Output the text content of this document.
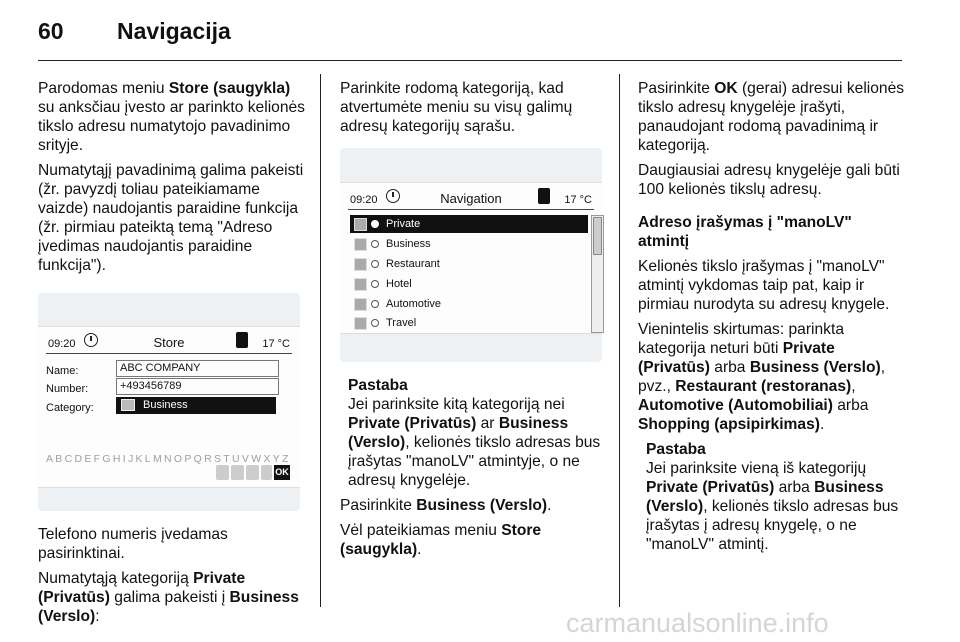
60 Navigacija

Parodomas meniu Store (saugykla) su anksčiau įvesto ar parinkto kelionės tikslo adresu numatytojo pavadinimo srityje.

Numatytąjį pavadinimą galima pakeisti (žr. pavyzdį toliau pateikiamame vaizde) naudojantis paraidine funkcija (žr. pirmiau pateiktą temą "Adreso įvedimas naudojantis paraidine funkcija").

09:20	Store	17 °C
Name:	ABC COMPANY
Number:	+493456789
Category:	Business
ABCDEFGHIJKLMNOPQRSTUVWXYZ
OK

Telefono numeris įvedamas pasirinktinai.

Numatytąją kategoriją Private (Privatūs) galima pakeisti į Business (Verslo):

Parinkite rodomą kategoriją, kad atvertumėte meniu su visų galimų adresų kategorijų sąrašu.

09:20	Navigation	17 °C
Private
Business
Restaurant
Hotel
Automotive
Travel
Pastaba
Jei parinksite kitą kategoriją nei Private (Privatūs) ar Business (Verslo), kelionės tikslo adresas bus įrašytas "manoLV" atmintyje, o ne adresų knygelėje.

Pasirinkite Business (Verslo).

Vėl pateikiamas meniu Store (saugykla).

Pasirinkite OK (gerai) adresui kelionės tikslo adresų knygelėje įrašyti, panaudojant rodomą pavadinimą ir kategoriją.

Daugiausiai adresų knygelėje gali būti 100 kelionės tikslų adresų.

Adreso įrašymas į "manoLV" atmintį

Kelionės tikslo įrašymas į "manoLV" atmintį vykdomas taip pat, kaip ir pirmiau nurodyta su adresų knygele.

Vienintelis skirtumas: parinkta kategorija neturi būti Private (Privatūs) arba Business (Verslo), pvz., Restaurant (restoranas), Automotive (Automobiliai) arba Shopping (apsipirkimas).

Pastaba
Jei parinksite vieną iš kategorijų Private (Privatūs) arba Business (Verslo), kelionės tikslo adresas bus įrašytas į adresų knygelę, o ne "manoLV" atmintį.
carmanualsonline.info
